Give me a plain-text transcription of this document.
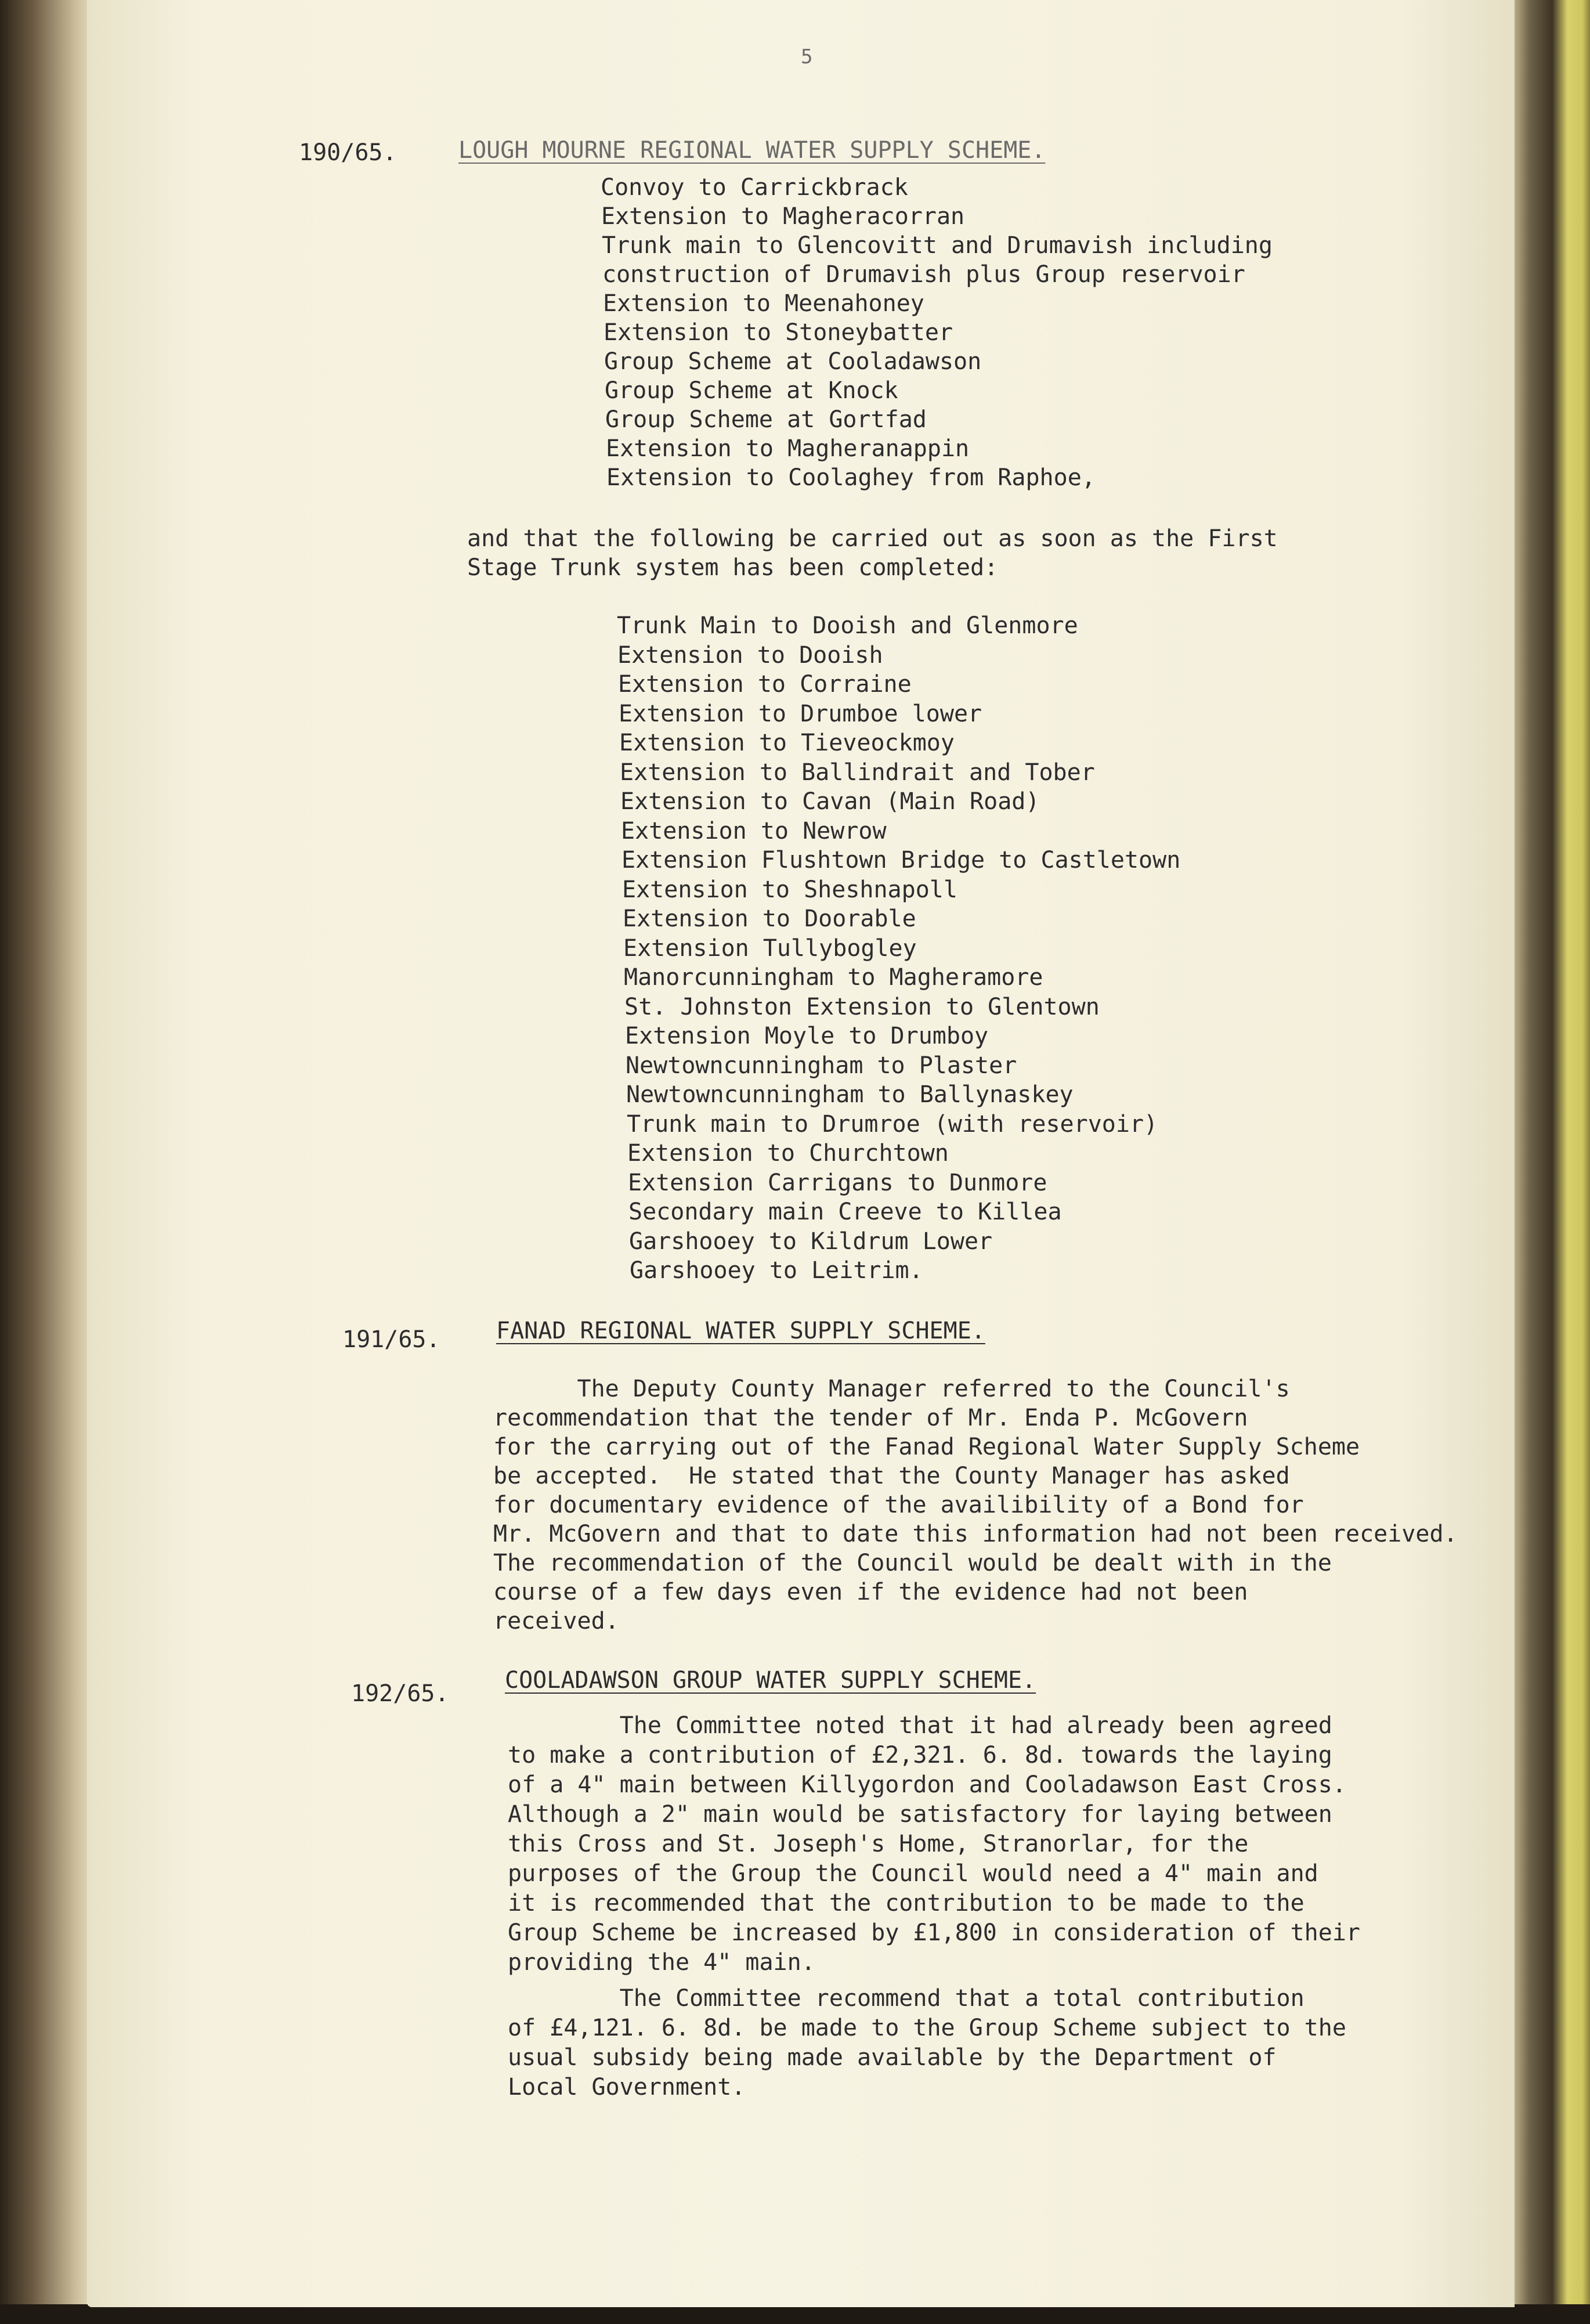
5
190/65.	LOUGH MOURNE REGIONAL WATER SUPPLY SCHEME.
Convoy to Carrickbrack
Extension to Magheracorran
Trunk main to Glencovitt and Drumavish including
construction of Drumavish plus Group reservoir
Extension to Meenahoney
Extension to Stoneybatter
Group Scheme at Cooladawson
Group Scheme at Knock
Group Scheme at Gortfad
Extension to Magheranappin
Extension to Coolaghey from Raphoe,
and that the following be carried out as soon as the First
Stage Trunk system has been completed:
Trunk Main to Dooish and Glenmore
Extension to Dooish
Extension to Corraine
Extension to Drumboe lower
Extension to Tieveockmoy
Extension to Ballindrait and Tober
Extension to Cavan (Main Road)
Extension to Newrow
Extension Flushtown Bridge to Castletown
Extension to Sheshnapoll
Extension to Doorable
Extension Tullybogley
Manorcunningham to Magheramore
St. Johnston Extension to Glentown
Extension Moyle to Drumboy
Newtowncunningham to Plaster
Newtowncunningham to Ballynaskey
Trunk main to Drumroe (with reservoir)
Extension to Churchtown
Extension Carrigans to Dunmore
Secondary main Creeve to Killea
Garshooey to Kildrum Lower
Garshooey to Leitrim.
191/65. FANAD REGIONAL WATER SUPPLY SCHEME.
The Deputy County Manager referred to the Council's
recommendation that the tender of Mr. Enda P. McGovern
for the carrying out of the Fanad Regional Water Supply Scheme
be accepted.  He stated that the County Manager has asked
for documentary evidence of the availibility of a Bond for
Mr. McGovern and that to date this information had not been received.
The recommendation of the Council would be dealt with in the
course of a few days even if the evidence had not been
received.
192/65. COOLADAWSON GROUP WATER SUPPLY SCHEME.
The Committee noted that it had already been agreed
to make a contribution of £2,321. 6. 8d. towards the laying
of a 4" main between Killygordon and Cooladawson East Cross.
Although a 2" main would be satisfactory for laying between
this Cross and St. Joseph's Home, Stranorlar, for the
purposes of the Group the Council would need a 4" main and
it is recommended that the contribution to be made to the
Group Scheme be increased by £1,800 in consideration of their
providing the 4" main.
The Committee recommend that a total contribution
of £4,121. 6. 8d. be made to the Group Scheme subject to the
usual subsidy being made available by the Department of
Local Government.
